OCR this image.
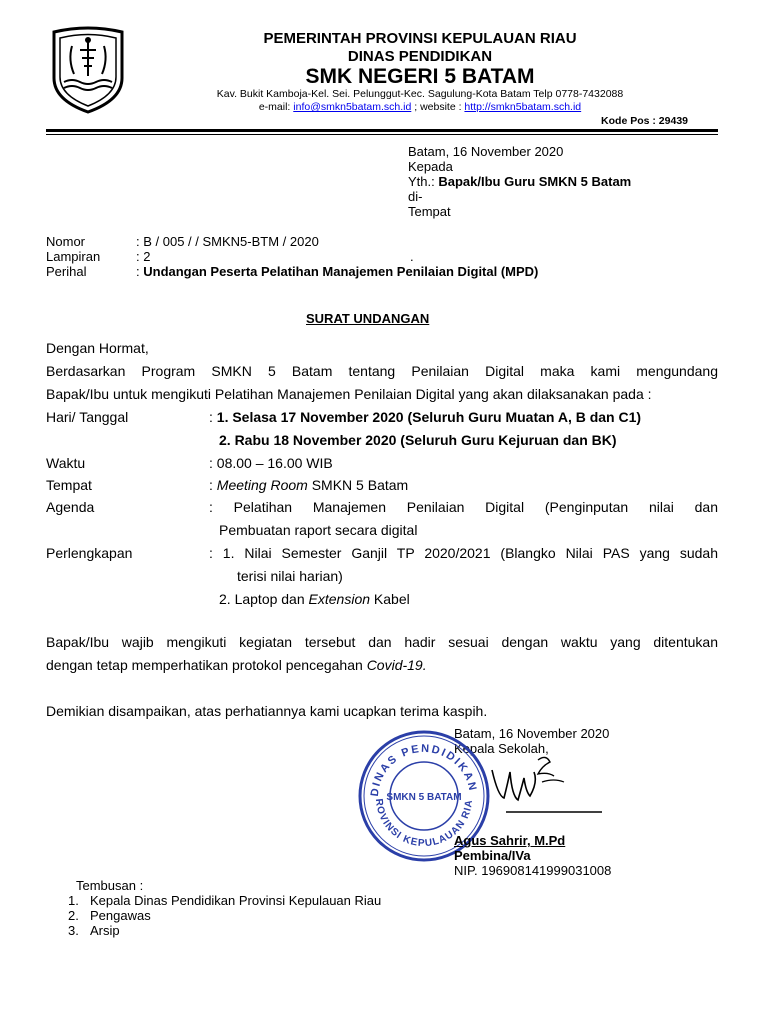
PEMERINTAH PROVINSI KEPULAUAN RIAU
DINAS PENDIDIKAN
SMK NEGERI 5 BATAM
Kav. Bukit Kamboja-Kel. Sei. Pelunggut-Kec. Sagulung-Kota Batam Telp 0778-7432088
e-mail: info@smkn5batam.sch.id ; website : http://smkn5batam.sch.id
Kode Pos : 29439
Batam, 16 November 2020
Kepada
Yth.: Bapak/Ibu Guru SMKN 5 Batam
di-
Tempat
Nomor	: B / 005 / / SMKN5-BTM / 2020
Lampiran	: 2	.
Perihal	: Undangan Peserta Pelatihan Manajemen Penilaian Digital (MPD)
SURAT UNDANGAN
Dengan Hormat,
Berdasarkan Program SMKN 5 Batam tentang Penilaian Digital maka kami mengundang
Bapak/Ibu untuk mengikuti Pelatihan Manajemen Penilaian Digital yang akan dilaksanakan pada :
Hari/ Tanggal	: 1. Selasa 17 November 2020 (Seluruh Guru Muatan A, B dan C1)
2. Rabu 18 November 2020 (Seluruh Guru Kejuruan dan BK)
Waktu	: 08.00 – 16.00 WIB
Tempat	: Meeting Room SMKN 5 Batam
Agenda	: Pelatihan Manajemen Penilaian Digital (Penginputan nilai dan
Pembuatan raport secara digital
Perlengkapan	: 1. Nilai Semester Ganjil TP 2020/2021 (Blangko Nilai PAS yang sudah
terisi nilai harian)
2. Laptop dan Extension Kabel
Bapak/Ibu wajib mengikuti kegiatan tersebut dan hadir sesuai dengan waktu yang ditentukan
dengan tetap memperhatikan protokol pencegahan Covid-19.
Demikian disampaikan, atas perhatiannya kami ucapkan terima kaspih.
Batam, 16 November 2020
Kepala Sekolah,
DINAS PENDIDIKAN
ROVINSI KEPULAUAN RIA
SMKN 5 BATAM
Agus Sahrir, M.Pd
Pembina/IVa
NIP. 196908141999031008
Tembusan :
1. Kepala Dinas Pendidikan Provinsi Kepulauan Riau
2. Pengawas
3. Arsip
